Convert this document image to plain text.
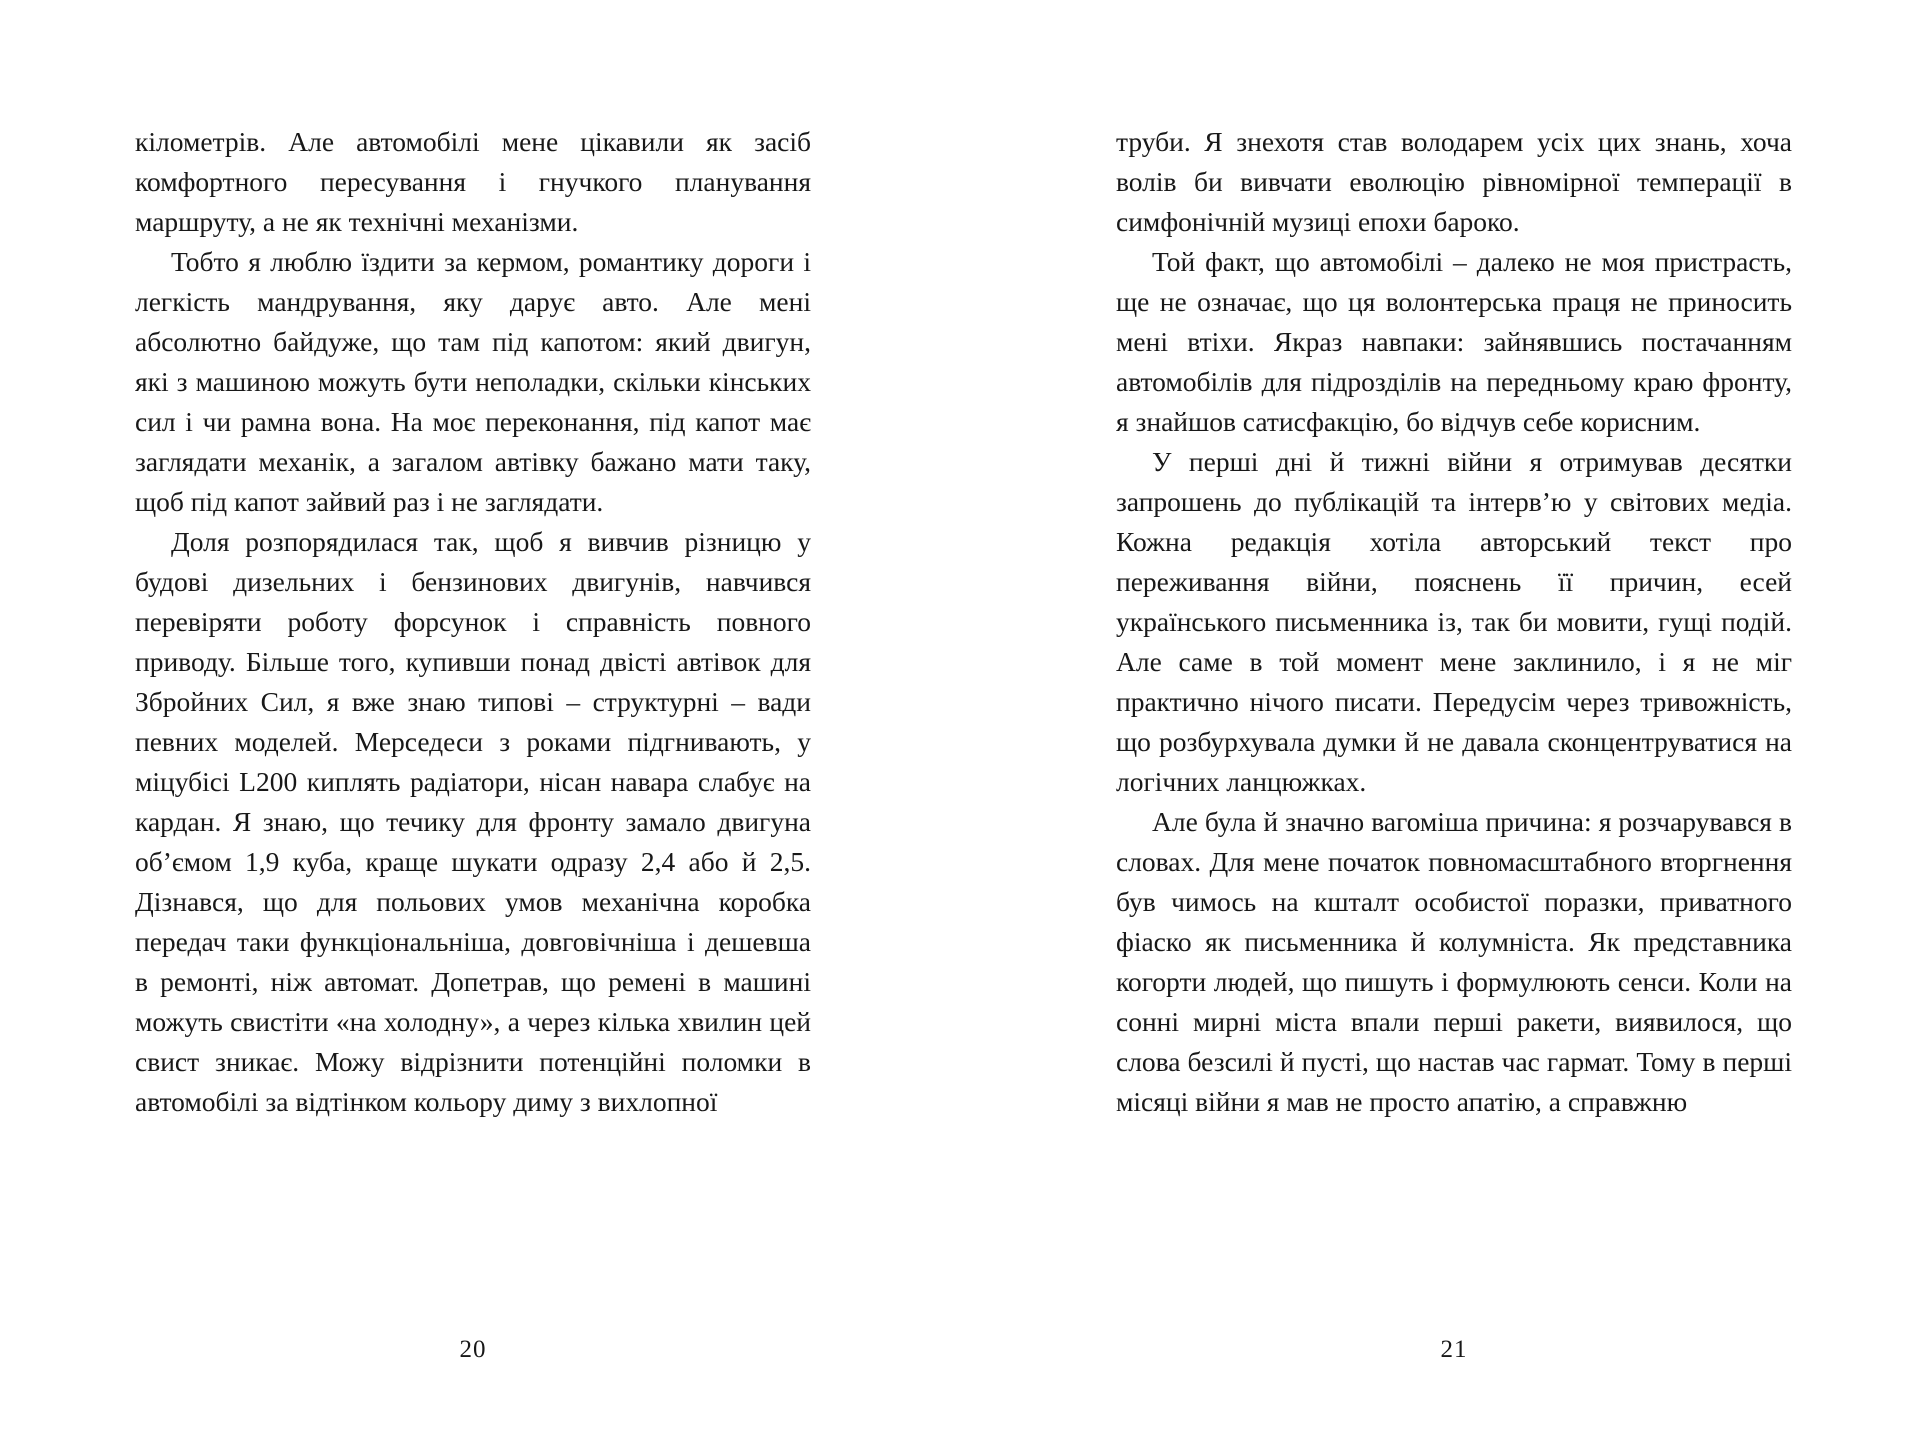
кілометрів. Але автомобілі мене цікавили як засіб комфортного пересування і гнучкого планування маршруту, а не як технічні механізми.

Тобто я люблю їздити за кермом, романтику дороги і легкість мандрування, яку дарує авто. Але мені абсолютно байдуже, що там під капотом: який двигун, які з машиною можуть бути неполадки, скільки кінських сил і чи рамна вона. На моє переконання, під капот має заглядати механік, а загалом автівку бажано мати таку, щоб під капот зайвий раз і не заглядати.

Доля розпорядилася так, щоб я вивчив різницю у будові дизельних і бензинових двигунів, навчився перевіряти роботу форсунок і справність повного приводу. Більше того, купивши понад двісті автівок для Збройних Сил, я вже знаю типові – структурні – вади певних моделей. Мерседеси з роками підгнивають, у міцубісі L200 киплять радіатори, нісан навара слабує на кардан. Я знаю, що течику для фронту замало двигуна об’ємом 1,9 куба, краще шукати одразу 2,4 або й 2,5. Дізнався, що для польових умов механічна коробка передач таки функціональніша, довговічніша і дешевша в ремонті, ніж автомат. Допетрав, що ремені в машині можуть свистіти «на холодну», а через кілька хвилин цей свист зникає. Можу відрізнити потенційні поломки в автомобілі за відтінком кольору диму з вихлопної

20

труби. Я знехотя став володарем усіх цих знань, хоча волів би вивчати еволюцію рівномірної темперації в симфонічній музиці епохи бароко.

Той факт, що автомобілі – далеко не моя пристрасть, ще не означає, що ця волонтерська праця не приносить мені втіхи. Якраз навпаки: зайнявшись постачанням автомобілів для підрозділів на передньому краю фронту, я знайшов сатисфакцію, бо відчув себе корисним.

У перші дні й тижні війни я отримував десятки запрошень до публікацій та інтерв’ю у світових медіа. Кожна редакція хотіла авторський текст про переживання війни, пояснень її причин, есей українського письменника із, так би мовити, гущі подій. Але саме в той момент мене заклинило, і я не міг практично нічого писати. Передусім через тривожність, що розбурхувала думки й не давала сконцентруватися на логічних ланцюжках.

Але була й значно вагоміша причина: я розчарувався в словах. Для мене початок повномасштабного вторгнення був чимось на кшталт особистої поразки, приватного фіаско як письменника й колумніста. Як представника когорти людей, що пишуть і формулюють сенси. Коли на сонні мирні міста впали перші ракети, виявилося, що слова безсилі й пусті, що настав час гармат. Тому в перші місяці війни я мав не просто апатію, а справжню

21
